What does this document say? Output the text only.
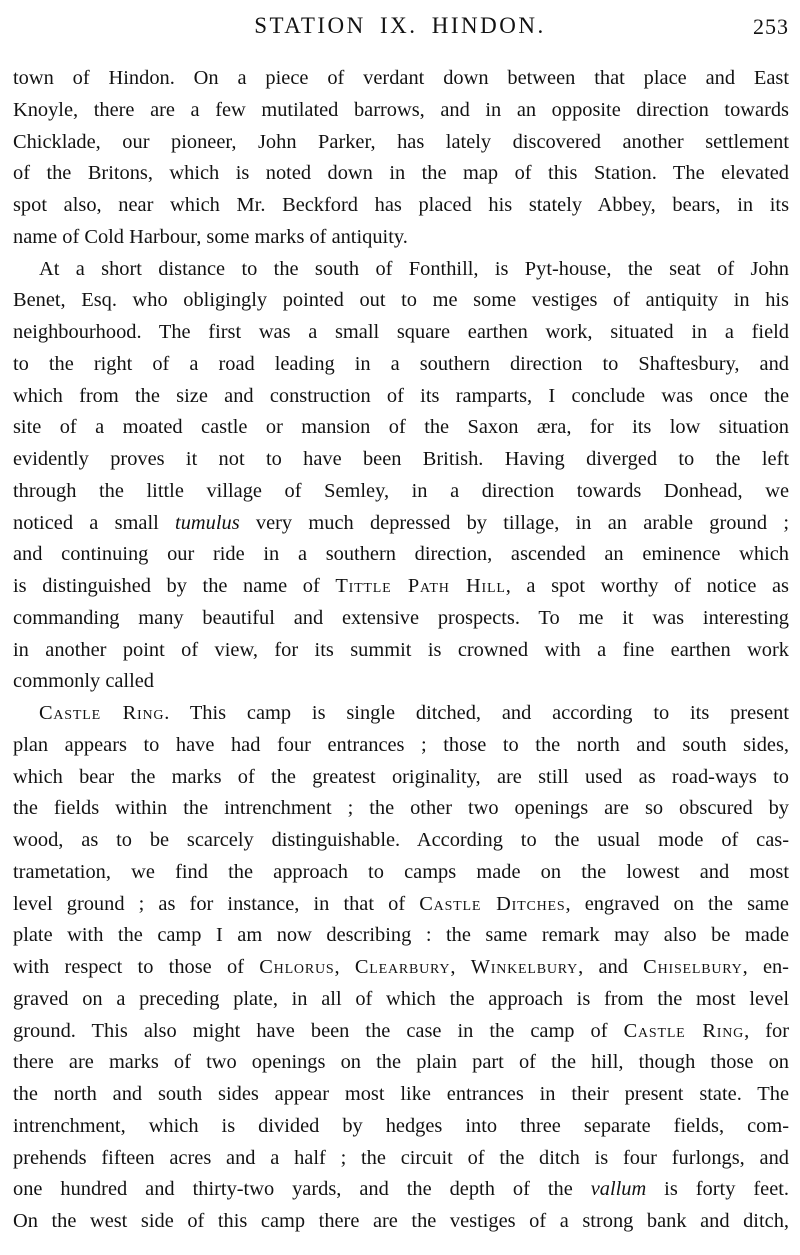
STATION IX. HINDON.	253
town of Hindon. On a piece of verdant down between that place and East
Knoyle, there are a few mutilated barrows, and in an opposite direction towards
Chicklade, our pioneer, John Parker, has lately discovered another settlement
of the Britons, which is noted down in the map of this Station. The elevated
spot also, near which Mr. Beckford has placed his stately Abbey, bears, in its
name of Cold Harbour, some marks of antiquity.
At a short distance to the south of Fonthill, is Pyt-house, the seat of John
Benet, Esq. who obligingly pointed out to me some vestiges of antiquity in his
neighbourhood. The first was a small square earthen work, situated in a field
to the right of a road leading in a southern direction to Shaftesbury, and
which from the size and construction of its ramparts, I conclude was once the
site of a moated castle or mansion of the Saxon æra, for its low situation
evidently proves it not to have been British. Having diverged to the left
through the little village of Semley, in a direction towards Donhead, we
noticed a small tumulus very much depressed by tillage, in an arable ground ;
and continuing our ride in a southern direction, ascended an eminence which
is distinguished by the name of Tittle Path Hill, a spot worthy of notice as
commanding many beautiful and extensive prospects. To me it was interesting
in another point of view, for its summit is crowned with a fine earthen work
commonly called
Castle Ring. This camp is single ditched, and according to its present
plan appears to have had four entrances ; those to the north and south sides,
which bear the marks of the greatest originality, are still used as road-ways to
the fields within the intrenchment ; the other two openings are so obscured by
wood, as to be scarcely distinguishable. According to the usual mode of cas-
trametation, we find the approach to camps made on the lowest and most
level ground ; as for instance, in that of Castle Ditches, engraved on the same
plate with the camp I am now describing : the same remark may also be made
with respect to those of Chlorus, Clearbury, Winkelbury, and Chiselbury, en-
graved on a preceding plate, in all of which the approach is from the most level
ground. This also might have been the case in the camp of Castle Ring, for
there are marks of two openings on the plain part of the hill, though those on
the north and south sides appear most like entrances in their present state. The
intrenchment, which is divided by hedges into three separate fields, com-
prehends fifteen acres and a half ; the circuit of the ditch is four furlongs, and
one hundred and thirty-two yards, and the depth of the vallum is forty feet.
On the west side of this camp there are the vestiges of a strong bank and ditch,
